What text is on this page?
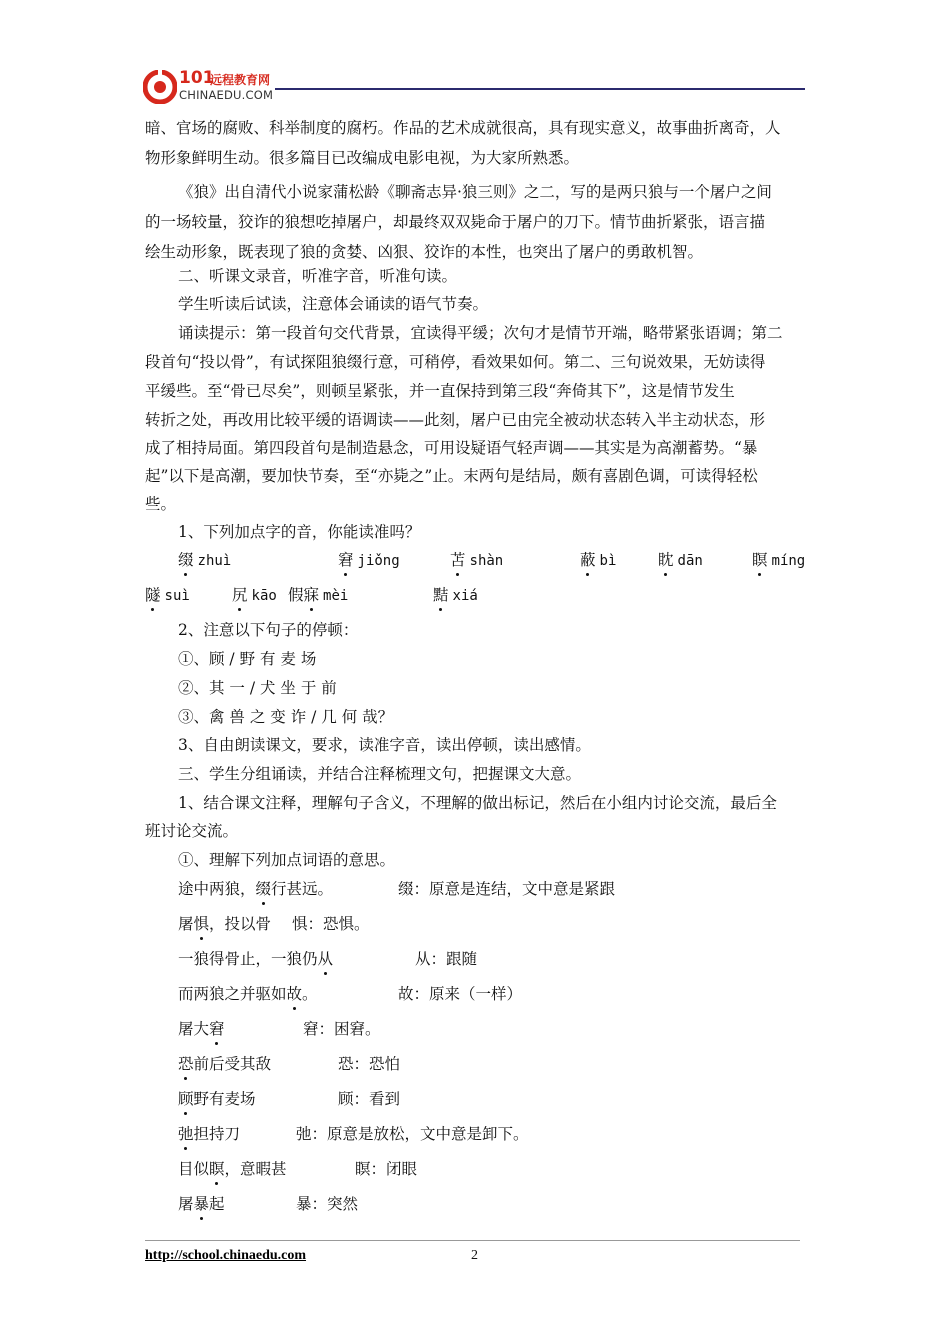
101
远程教育网
CHINAEDU.COM
暗、官场的腐败、科举制度的腐朽。作品的艺术成就很高，具有现实意义，故事曲折离奇，人
物形象鲜明生动。很多篇目已改编成电影电视，为大家所熟悉。
《狼》出自清代小说家蒲松龄《聊斋志异·狼三则》之二，写的是两只狼与一个屠户之间
的一场较量，狡诈的狼想吃掉屠户，却最终双双毙命于屠户的刀下。情节曲折紧张，语言描
绘生动形象，既表现了狼的贪婪、凶狠、狡诈的本性，也突出了屠户的勇敢机智。
二、听课文录音，听准字音，听准句读。
学生听读后试读，注意体会诵读的语气节奏。
诵读提示：第一段首句交代背景，宜读得平缓；次句才是情节开端，略带紧张语调；第二
段首句“投以骨”，有试探阻狼缀行意，可稍停，看效果如何。第二、三句说效果，无妨读得
平缓些。至“骨已尽矣”，则顿呈紧张，并一直保持到第三段“奔倚其下”，这是情节发生
转折之处，再改用比较平缓的语调读——此刻，屠户已由完全被动状态转入半主动状态，形
成了相持局面。第四段首句是制造悬念，可用设疑语气轻声调——其实是为高潮蓄势。“暴
起”以下是高潮，要加快节奏，至“亦毙之”止。末两句是结局，颇有喜剧色调，可读得轻松
些。
1、下列加点字的音，你能读准吗？
缀 zhuì	窘 jiǒng	苫 shàn	蔽 bì	眈 dān	瞑 míng
隧 suì	尻 kāo 假寐 mèi	黠 xiá
2、注意以下句子的停顿：
①、顾 / 野 有 麦 场
②、其 一 / 犬 坐 于 前
③、禽 兽 之 变 诈 / 几 何 哉？
3、自由朗读课文，要求，读准字音，读出停顿，读出感情。
三、学生分组诵读，并结合注释梳理文句，把握课文大意。
1、结合课文注释，理解句子含义，不理解的做出标记，然后在小组内讨论交流，最后全
班讨论交流。
①、理解下列加点词语的意思。
途中两狼，缀行甚远。	缀：原意是连结，文中意是紧跟
屠惧，投以骨 惧：恐惧。
一狼得骨止，一狼仍从	从：跟随
而两狼之并驱如故。	故：原来（一样）
屠大窘	窘：困窘。
恐前后受其敌	恐：恐怕
顾野有麦场	顾：看到
弛担持刀	弛：原意是放松，文中意是卸下。
目似瞑，意暇甚	瞑：闭眼
屠暴起	暴：突然
http://school.chinaedu.com	2
